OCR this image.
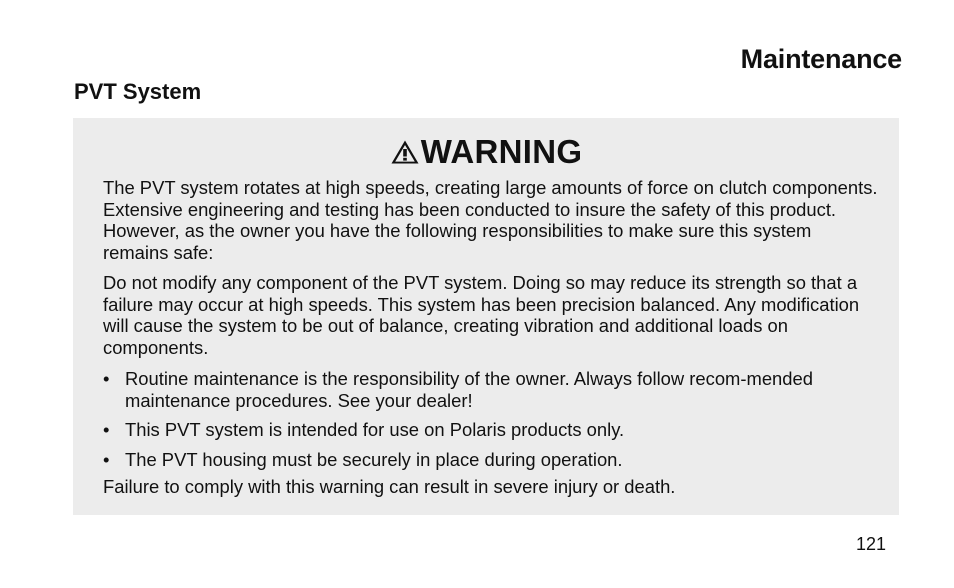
Maintenance
PVT System
WARNING

The PVT system rotates at high speeds, creating large amounts of force on clutch components. Extensive engineering and testing has been conducted to insure the safety of this product. However, as the owner you have the following responsibilities to make sure this system remains safe:

Do not modify any component of the PVT system. Doing so may reduce its strength so that a failure may occur at high speeds. This system has been precision balanced. Any modification will cause the system to be out of balance, creating vibration and additional loads on components.

• Routine maintenance is the responsibility of the owner. Always follow recom-mended maintenance procedures. See your dealer!
• This PVT system is intended for use on Polaris products only.
• The PVT housing must be securely in place during operation.

Failure to comply with this warning can result in severe injury or death.

121
